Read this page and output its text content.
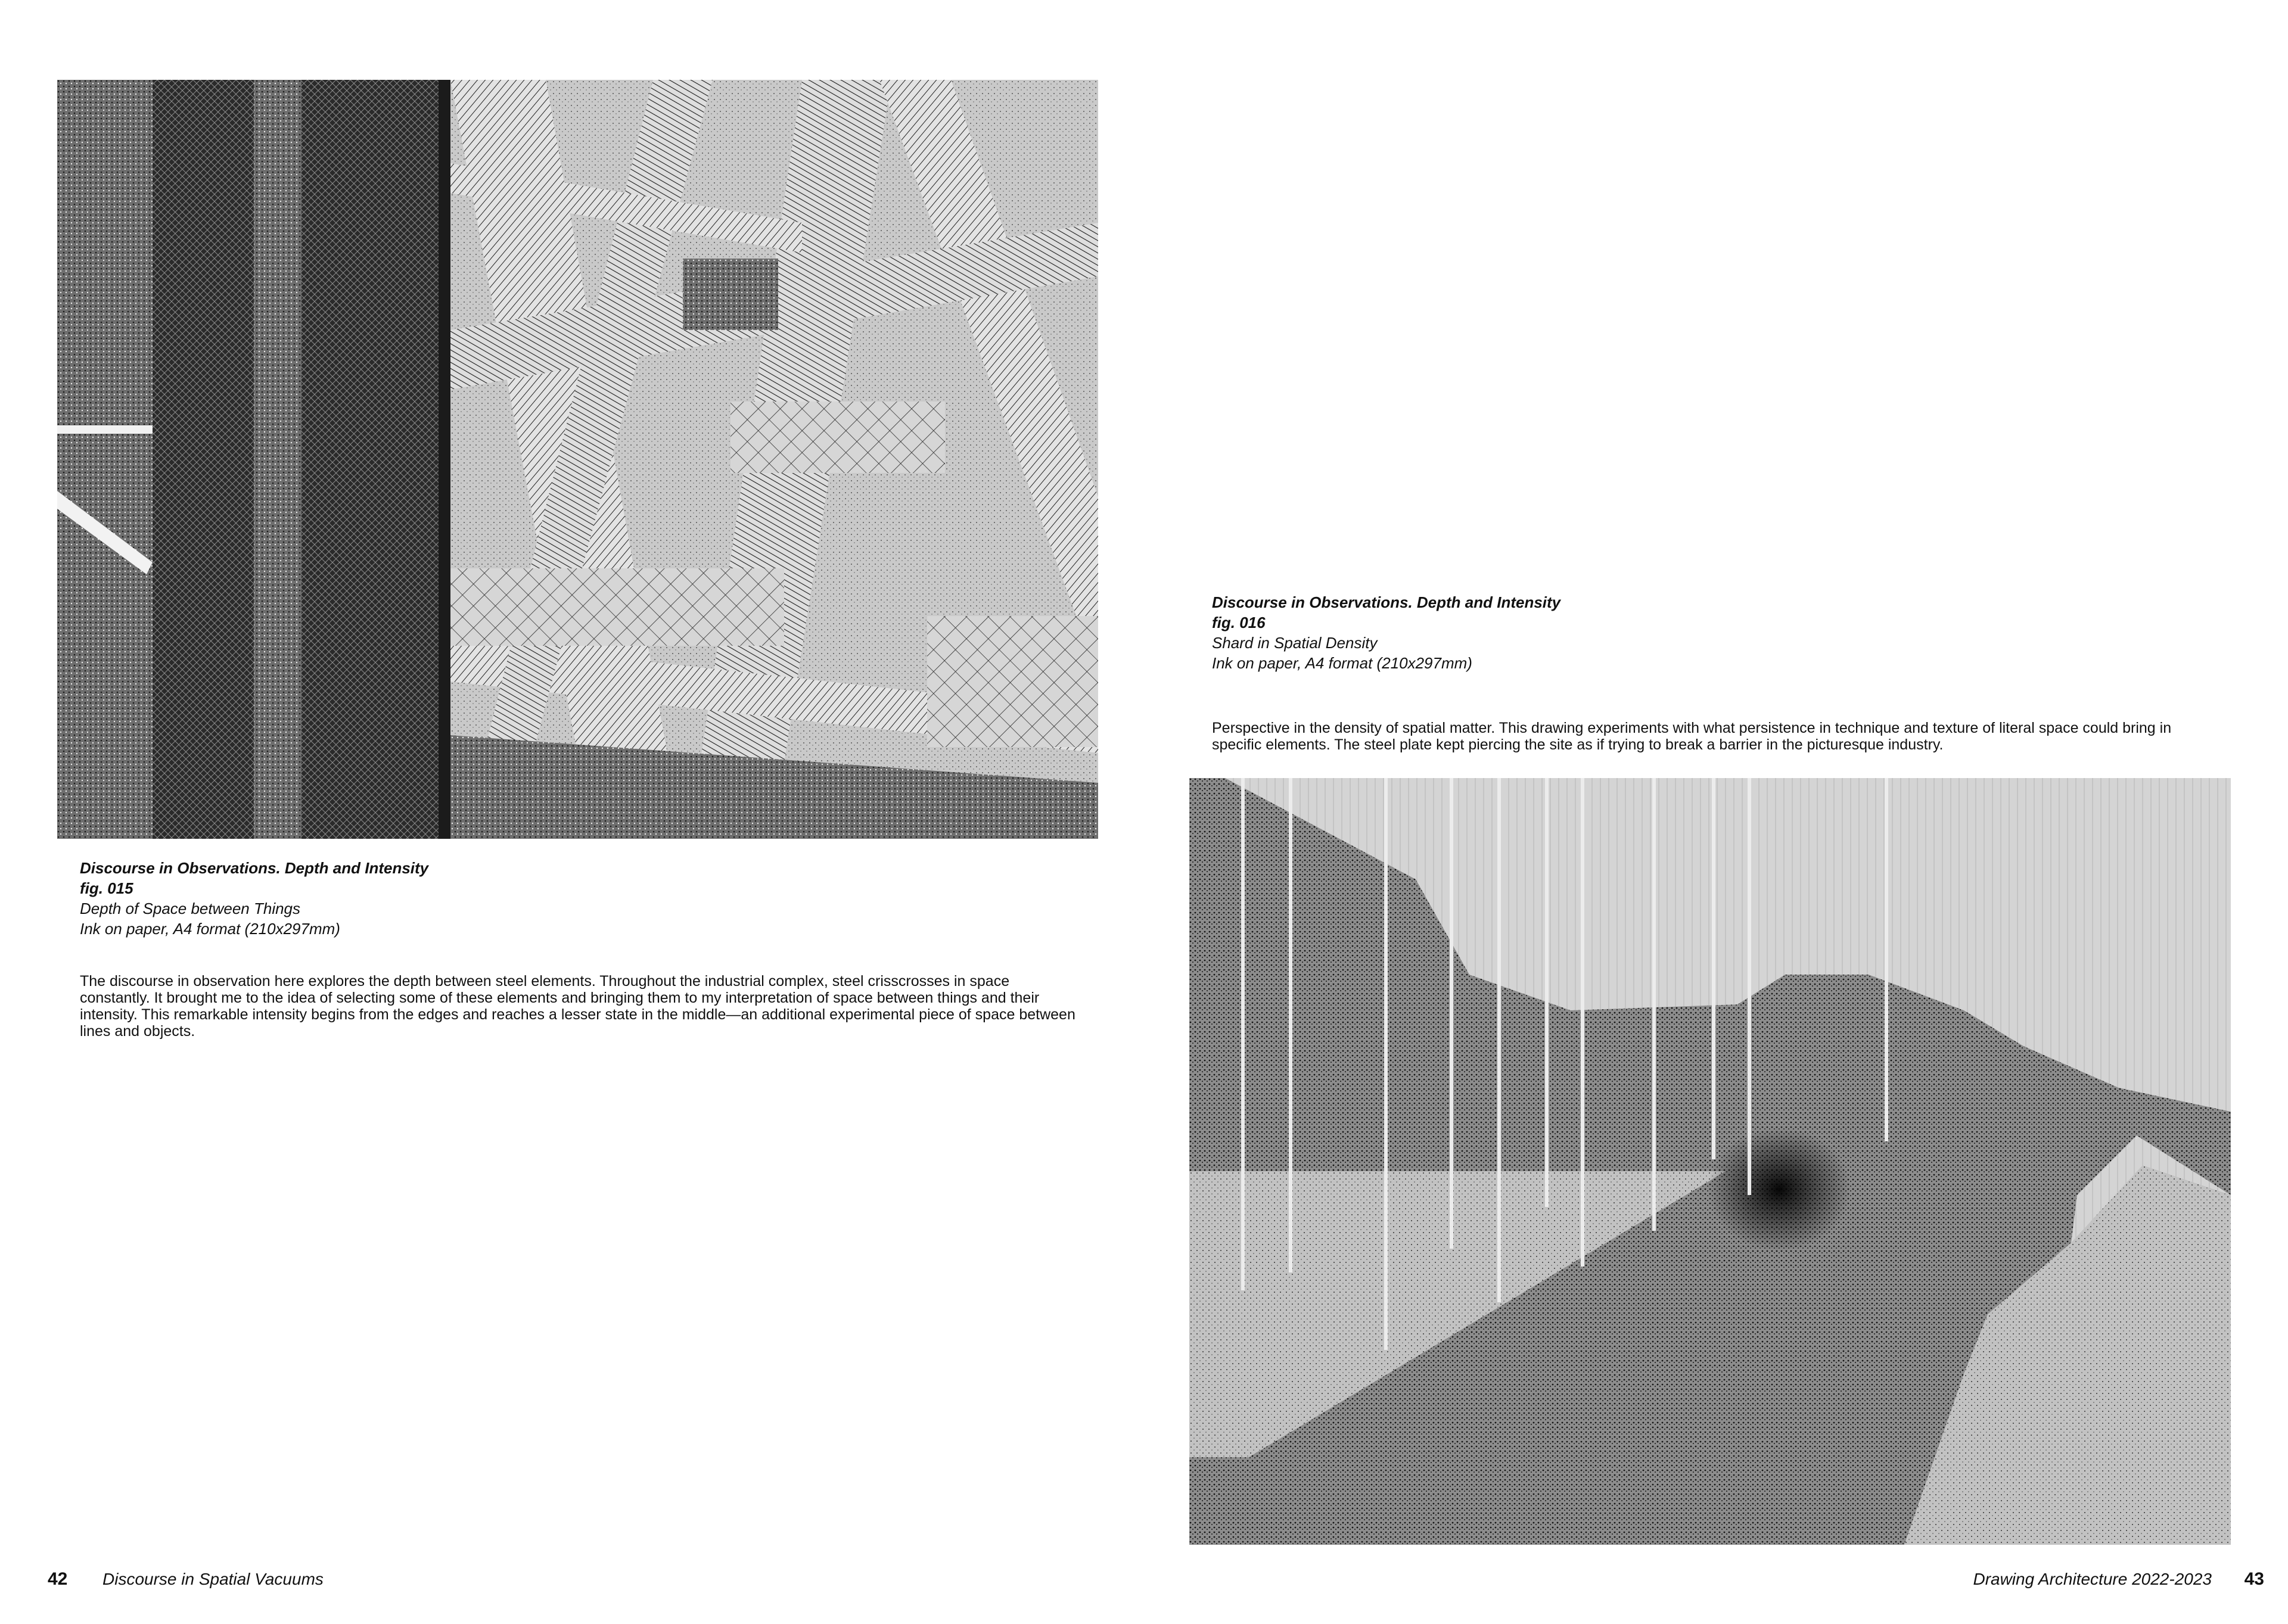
Discourse in Observations. Depth and Intensity
fig. 015
Depth of Space between Things
Ink on paper, A4 format (210x297mm)

The discourse in observation here explores the depth between steel elements. Throughout the industrial complex, steel crisscrosses in space constantly. It brought me to the idea of selecting some of these elements and bringing them to my interpretation of space between things and their intensity. This remarkable intensity begins from the edges and reaches a lesser state in the middle—an additional experimental piece of space between lines and objects.

Discourse in Observations. Depth and Intensity
fig. 016
Shard in Spatial Density
Ink on paper, A4 format (210x297mm)

Perspective in the density of spatial matter. This drawing experiments with what persistence in technique and texture of literal space could bring in specific elements. The steel plate kept piercing the site as if trying to break a barrier in the picturesque industry.

42 Discourse in Spatial Vacuums	Drawing Architecture 2022-2023 43
